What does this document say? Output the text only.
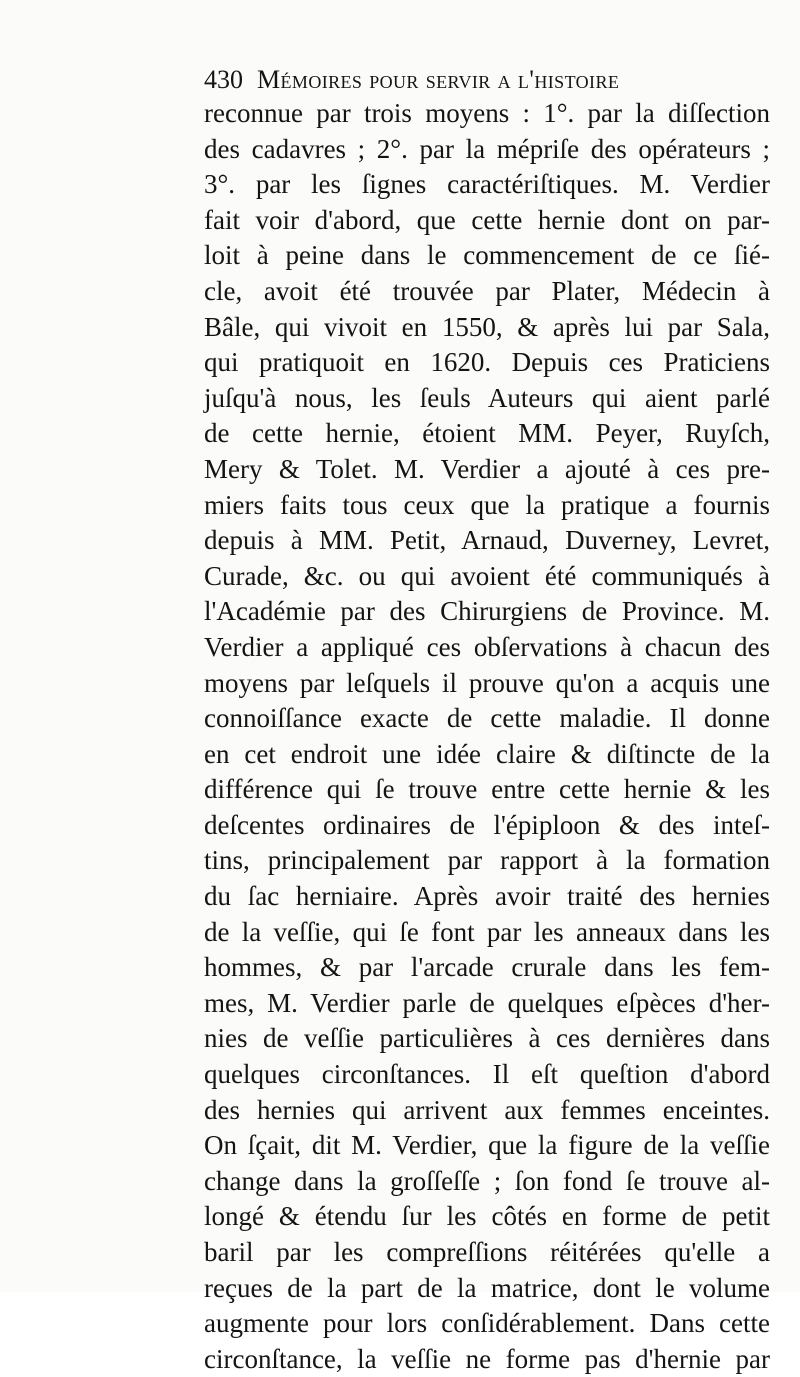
430 Mémoires pour servir a l'histoire
reconnue par trois moyens : 1°. par la diſſection
des cadavres ; 2°. par la mépriſe des opérateurs ;
3°. par les ſignes caractériſtiques. M. Verdier
fait voir d'abord, que cette hernie dont on par-
loit à peine dans le commencement de ce ſié-
cle, avoit été trouvée par Plater, Médecin à
Bâle, qui vivoit en 1550, & après lui par Sala,
qui pratiquoit en 1620. Depuis ces Praticiens
juſqu'à nous, les ſeuls Auteurs qui aient parlé
de cette hernie, étoient MM. Peyer, Ruyſch,
Mery & Tolet. M. Verdier a ajouté à ces pre-
miers faits tous ceux que la pratique a fournis
depuis à MM. Petit, Arnaud, Duverney, Levret,
Curade, &c. ou qui avoient été communiqués à
l'Académie par des Chirurgiens de Province. M.
Verdier a appliqué ces obſervations à chacun des
moyens par leſquels il prouve qu'on a acquis une
connoiſſance exacte de cette maladie. Il donne
en cet endroit une idée claire & diſtincte de la
différence qui ſe trouve entre cette hernie & les
deſcentes ordinaires de l'épiploon & des inteſ-
tins, principalement par rapport à la formation
du ſac herniaire. Après avoir traité des hernies
de la veſſie, qui ſe font par les anneaux dans les
hommes, & par l'arcade crurale dans les fem-
mes, M. Verdier parle de quelques eſpèces d'her-
nies de veſſie particulières à ces dernières dans
quelques circonſtances. Il eſt queſtion d'abord
des hernies qui arrivent aux femmes enceintes.
On ſçait, dit M. Verdier, que la figure de la veſſie
change dans la groſſeſſe ; ſon fond ſe trouve al-
longé & étendu ſur les côtés en forme de petit
baril par les compreſſions réitérées qu'elle a
reçues de la part de la matrice, dont le volume
augmente pour lors conſidérablement. Dans cette
circonſtance, la veſſie ne forme pas d'hernie par
